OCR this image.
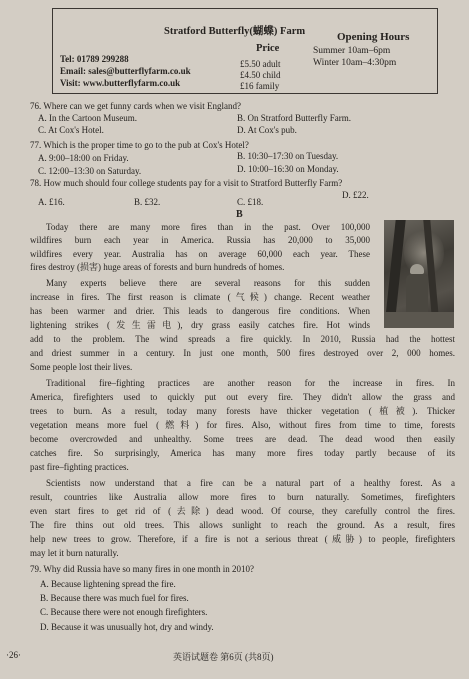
Stratford Butterfly(蝴蝶) Farm	Opening Hours
Price
Tel: 01789 299288
Email: sales@butterflyfarm.co.uk
Visit: www.butterflyfarm.co.uk
£5.50 adult
£4.50 child
£16 family
Summer 10am–6pm
Winter 10am–4:30pm
76. Where can we get funny cards when we visit England?
A. In the Cartoon Museum.	B. On Stratford Butterfly Farm.
C. At Cox's Hotel.	D. At Cox's pub.
77. Which is the proper time to go to the pub at Cox's Hotel?
A. 9:00–18:00 on Friday.	B. 10:30–17:30 on Tuesday.
C. 12:00–13:30 on Saturday.	D. 10:00–16:30 on Monday.
78. How much should four college students pay for a visit to Stratford Butterfly Farm?
A. £16.	B. £32.	C. £18.
D. £22.
B
Today there are many more fires than in the past. Over 100,000
wildfires burn each year in America. Russia has 20,000 to 35,000
wildfires every year. Australia has on average 60,000 each year. These
fires destroy (损害) huge areas of forests and burn hundreds of homes.
Many experts believe there are several reasons for this sudden
increase in fires. The first reason is climate (气候) change. Recent weather
has been warmer and drier. This leads to dangerous fire conditions. When
lightening strikes (发生雷电), dry grass easily catches fire. Hot winds
add to the problem. The wind spreads a fire quickly. In 2010, Russia had the hottest
and driest summer in a century. In just one month, 500 fires destroyed over 2, 000 homes.
Some people lost their lives.
Traditional fire–fighting practices are another reason for the increase in fires. In
America, firefighters used to quickly put out every fire. They didn't allow the grass and
trees to burn. As a result, today many forests have thicker vegetation (植被). Thicker
vegetation means more fuel (燃料) for fires. Also, without fires from time to time, forests
become overcrowded and unhealthy. Some trees are dead. The dead wood then easily
catches fire. So surprisingly, America has many more fires today partly because of its
past fire–fighting practices.
Scientists now understand that a fire can be a natural part of a healthy forest. As a
result, countries like Australia allow more fires to burn naturally. Sometimes, firefighters
even start fires to get rid of (去除) dead wood. Of course, they carefully control the fires.
The fire thins out old trees. This allows sunlight to reach the ground. As a result, fires
help new trees to grow. Therefore, if a fire is not a serious threat (威胁) to people, firefighters
may let it burn naturally.
79. Why did Russia have so many fires in one month in 2010?
A. Because lightening spread the fire.
B. Because there was much fuel for fires.
C. Because there were not enough firefighters.
D. Because it was unusually hot, dry and windy.
·26·	英语试题卷 第6页 (共8页)
